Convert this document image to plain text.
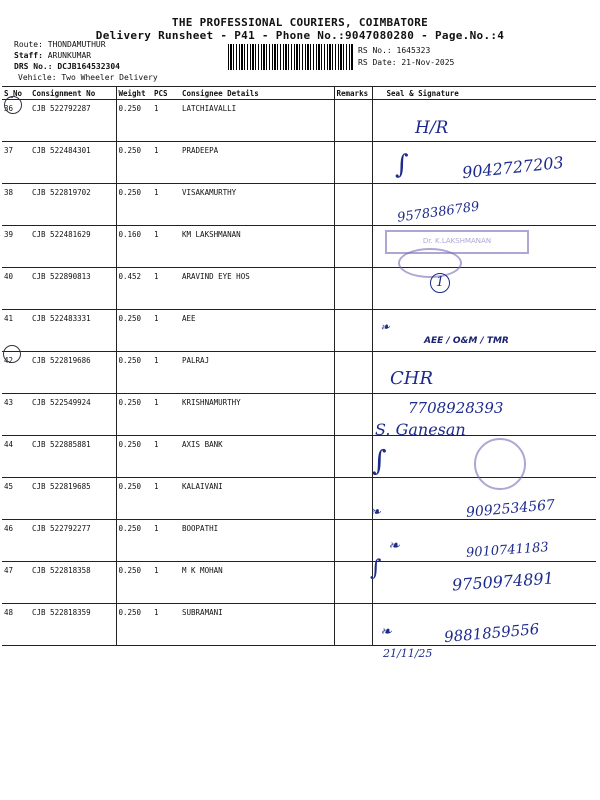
THE PROFESSIONAL COURIERS, COIMBATORE
Delivery Runsheet - P41 - Phone No.:9047080280 - Page.No.:4
Route: THONDAMUTHUR
Staff: ARUNKUMAR
DRS No.: DCJB164532304
Vehicle: Two Wheeler Delivery
RS No.: 1645323
RS Date: 21-Nov-2025
S_No	Consignment No	Weight	PCS	Consignee Details	Remarks	Seal & Signature
36	CJB 522792287	0.250	1	LATCHIAVALLI		
37	CJB 522484301	0.250	1	PRADEEPA		
38	CJB 522819702	0.250	1	VISAKAMURTHY		
39	CJB 522481629	0.160	1	KM LAKSHMANAN		
40	CJB 522890813	0.452	1	ARAVIND EYE HOS		
41	CJB 522483331	0.250	1	AEE		
42	CJB 522819686	0.250	1	PALRAJ		
43	CJB 522549924	0.250	1	KRISHNAMURTHY		
44	CJB 522885881	0.250	1	AXIS BANK		
45	CJB 522819685	0.250	1	KALAIVANI		
46	CJB 522792277	0.250	1	BOOPATHI		
47	CJB 522818358	0.250	1	M K MOHAN		
48	CJB 522818359	0.250	1	SUBRAMANI		
H/R
∫	9042727203
9578386789
Dr. K.LAKSHMANAN
1
❧
AEE / O&M / TMR
CHR
7708928393
S. Ganesan
∫
❧	9092534567
❧	9010741183
∫	9750974891
❧	9881859556
21/11/25
